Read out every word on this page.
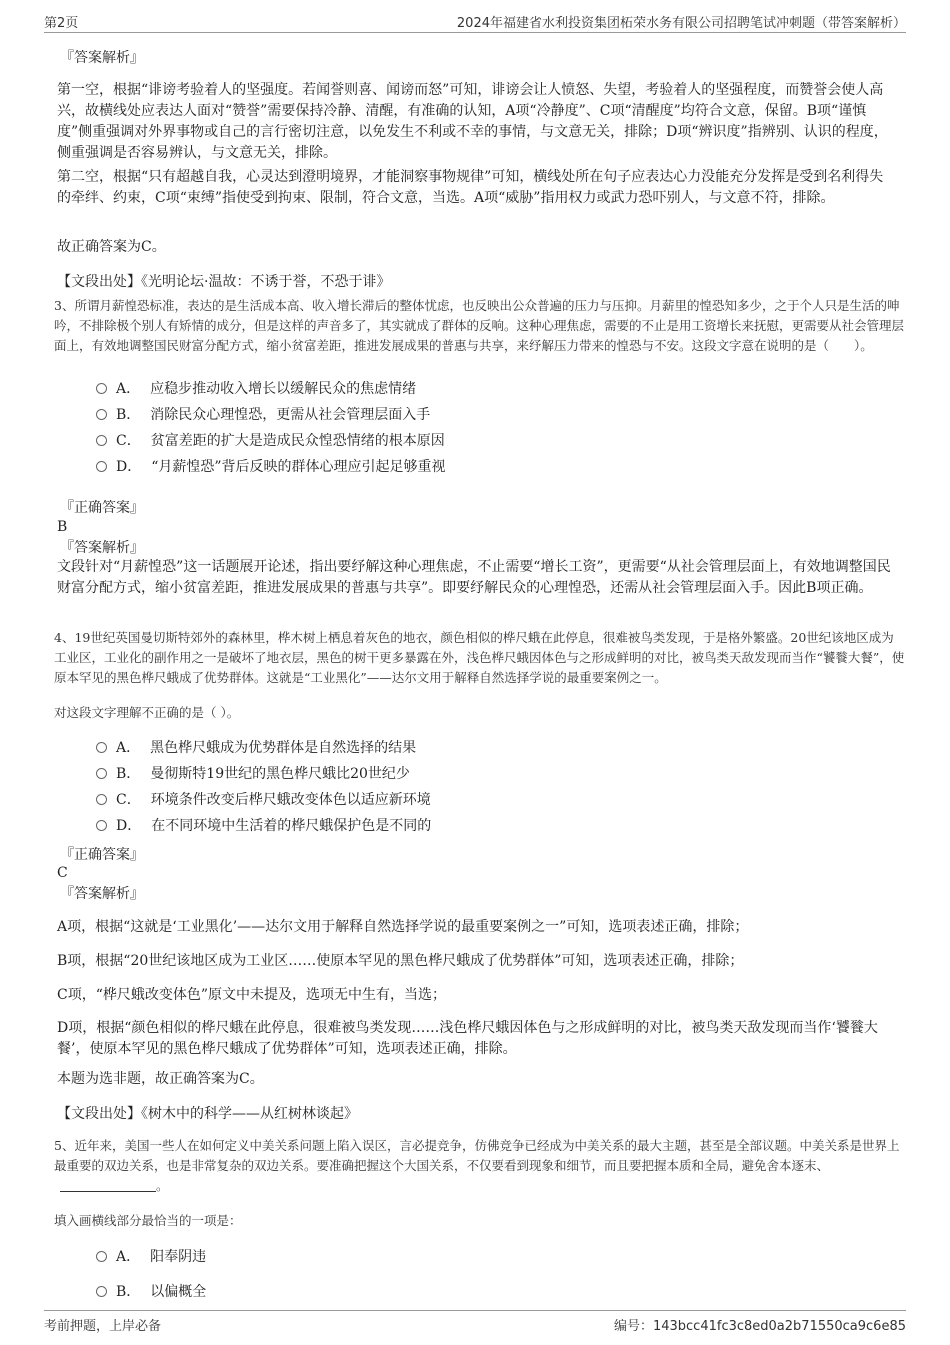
第2页	2024年福建省水利投资集团柘荣水务有限公司招聘笔试冲刺题（带答案解析）
『答案解析』
第一空，根据“诽谤考验着人的坚强度。若闻誉则喜、闻谤而怒”可知，诽谤会让人愤怒、失望，考验着人的坚强程度，而赞誉会使人高兴，故横线处应表达人面对“赞誉”需要保持冷静、清醒，有准确的认知，A项“冷静度”、C项“清醒度”均符合文意，保留。B项“谨慎度”侧重强调对外界事物或自己的言行密切注意，以免发生不利或不幸的事情，与文意无关，排除；D项“辨识度”指辨别、认识的程度，侧重强调是否容易辨认，与文意无关，排除。
第二空，根据“只有超越自我，心灵达到澄明境界，才能洞察事物规律”可知，横线处所在句子应表达心力没能充分发挥是受到名利得失的牵绊、约束，C项“束缚”指使受到拘束、限制，符合文意，当选。A项“威胁”指用权力或武力恐吓别人，与文意不符，排除。
故正确答案为C。
【文段出处】《光明论坛·温故：不诱于誉，不恐于诽》
3、所谓月薪惶恐标准，表达的是生活成本高、收入增长滞后的整体忧虑，也反映出公众普遍的压力与压抑。月薪里的惶恐知多少，之于个人只是生活的呻吟，不排除极个别人有矫情的成分，但是这样的声音多了，其实就成了群体的反响。这种心理焦虑，需要的不止是用工资增长来抚慰，更需要从社会管理层面上，有效地调整国民财富分配方式，缩小贫富差距，推进发展成果的普惠与共享，来纾解压力带来的惶恐与不安。这段文字意在说明的是（　　）。
A． 应稳步推动收入增长以缓解民众的焦虑情绪
B． 消除民众心理惶恐，更需从社会管理层面入手
C． 贫富差距的扩大是造成民众惶恐情绪的根本原因
D． “月薪惶恐”背后反映的群体心理应引起足够重视
『正确答案』
B
『答案解析』
文段针对“月薪惶恐”这一话题展开论述，指出要纾解这种心理焦虑，不止需要“增长工资”，更需要“从社会管理层面上，有效地调整国民财富分配方式，缩小贫富差距，推进发展成果的普惠与共享”。即要纾解民众的心理惶恐，还需从社会管理层面入手。因此B项正确。
4、19世纪英国曼切斯特郊外的森林里，桦木树上栖息着灰色的地衣，颜色相似的桦尺蛾在此停息，很难被鸟类发现，于是格外繁盛。20世纪该地区成为工业区，工业化的副作用之一是破坏了地衣层，黑色的树干更多暴露在外，浅色桦尺蛾因体色与之形成鲜明的对比，被鸟类天敌发现而当作“饕餮大餐”，使原本罕见的黑色桦尺蛾成了优势群体。这就是“工业黑化”——达尔文用于解释自然选择学说的最重要案例之一。
对这段文字理解不正确的是（ ）。
A． 黑色桦尺蛾成为优势群体是自然选择的结果
B． 曼彻斯特19世纪的黑色桦尺蛾比20世纪少
C． 环境条件改变后桦尺蛾改变体色以适应新环境
D． 在不同环境中生活着的桦尺蛾保护色是不同的
『正确答案』
C
『答案解析』
A项，根据“这就是‘工业黑化’——达尔文用于解释自然选择学说的最重要案例之一”可知，选项表述正确，排除；
B项，根据“20世纪该地区成为工业区……使原本罕见的黑色桦尺蛾成了优势群体”可知，选项表述正确，排除；
C项，“桦尺蛾改变体色”原文中未提及，选项无中生有，当选；
D项，根据“颜色相似的桦尺蛾在此停息，很难被鸟类发现……浅色桦尺蛾因体色与之形成鲜明的对比，被鸟类天敌发现而当作‘饕餮大餐’，使原本罕见的黑色桦尺蛾成了优势群体”可知，选项表述正确，排除。
本题为选非题，故正确答案为C。
【文段出处】《树木中的科学——从红树林谈起》
5、近年来，美国一些人在如何定义中美关系问题上陷入误区，言必提竞争，仿佛竞争已经成为中美关系的最大主题，甚至是全部议题。中美关系是世界上最重要的双边关系，也是非常复杂的双边关系。要准确把握这个大国关系，不仅要看到现象和细节，而且要把握本质和全局，避免舍本逐末、。
填入画横线部分最恰当的一项是：
A． 阳奉阴违
B． 以偏概全
考前押题，上岸必备	编号：143bcc41fc3c8ed0a2b71550ca9c6e85
